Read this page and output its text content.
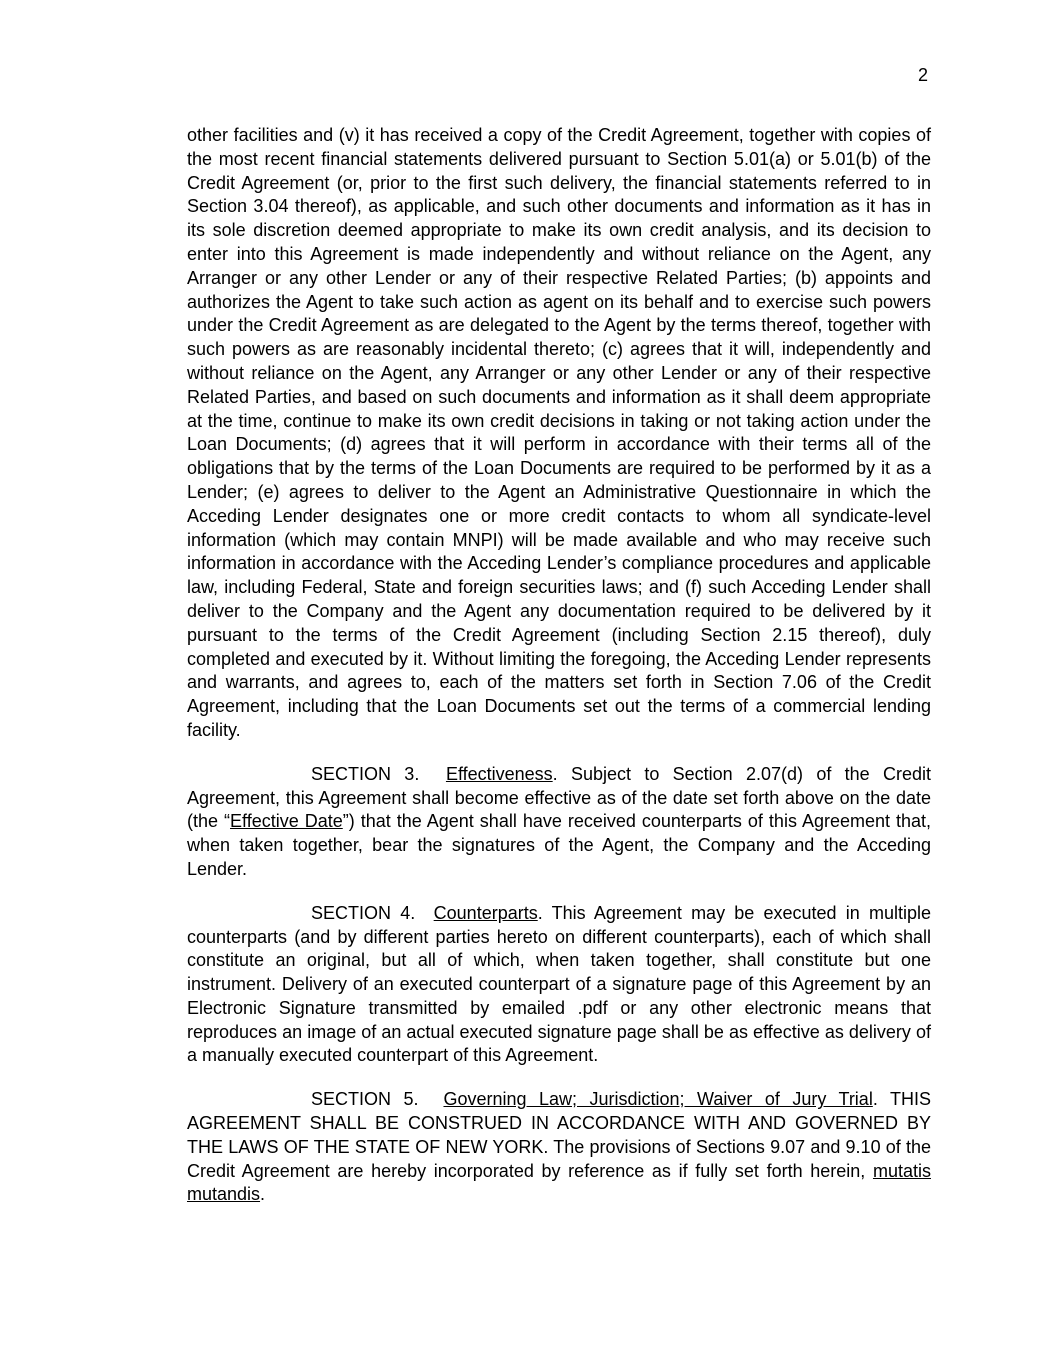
2

other facilities and (v) it has received a copy of the Credit Agreement, together with copies of the most recent financial statements delivered pursuant to Section 5.01(a) or 5.01(b) of the Credit Agreement (or, prior to the first such delivery, the financial statements referred to in Section 3.04 thereof), as applicable, and such other documents and information as it has in its sole discretion deemed appropriate to make its own credit analysis, and its decision to enter into this Agreement is made independently and without reliance on the Agent, any Arranger or any other Lender or any of their respective Related Parties; (b) appoints and authorizes the Agent to take such action as agent on its behalf and to exercise such powers under the Credit Agreement as are delegated to the Agent by the terms thereof, together with such powers as are reasonably incidental thereto; (c) agrees that it will, independently and without reliance on the Agent, any Arranger or any other Lender or any of their respective Related Parties, and based on such documents and information as it shall deem appropriate at the time, continue to make its own credit decisions in taking or not taking action under the Loan Documents; (d) agrees that it will perform in accordance with their terms all of the obligations that by the terms of the Loan Documents are required to be performed by it as a Lender; (e) agrees to deliver to the Agent an Administrative Questionnaire in which the Acceding Lender designates one or more credit contacts to whom all syndicate-level information (which may contain MNPI) will be made available and who may receive such information in accordance with the Acceding Lender’s compliance procedures and applicable law, including Federal, State and foreign securities laws; and (f) such Acceding Lender shall deliver to the Company and the Agent any documentation required to be delivered by it pursuant to the terms of the Credit Agreement (including Section 2.15 thereof), duly completed and executed by it. Without limiting the foregoing, the Acceding Lender represents and warrants, and agrees to, each of the matters set forth in Section 7.06 of the Credit Agreement, including that the Loan Documents set out the terms of a commercial lending facility.

SECTION 3. Effectiveness. Subject to Section 2.07(d) of the Credit Agreement, this Agreement shall become effective as of the date set forth above on the date (the “Effective Date”) that the Agent shall have received counterparts of this Agreement that, when taken together, bear the signatures of the Agent, the Company and the Acceding Lender.

SECTION 4. Counterparts. This Agreement may be executed in multiple counterparts (and by different parties hereto on different counterparts), each of which shall constitute an original, but all of which, when taken together, shall constitute but one instrument. Delivery of an executed counterpart of a signature page of this Agreement by an Electronic Signature transmitted by emailed .pdf or any other electronic means that reproduces an image of an actual executed signature page shall be as effective as delivery of a manually executed counterpart of this Agreement.

SECTION 5. Governing Law; Jurisdiction; Waiver of Jury Trial. THIS AGREEMENT SHALL BE CONSTRUED IN ACCORDANCE WITH AND GOVERNED BY THE LAWS OF THE STATE OF NEW YORK. The provisions of Sections 9.07 and 9.10 of the Credit Agreement are hereby incorporated by reference as if fully set forth herein, mutatis mutandis.
